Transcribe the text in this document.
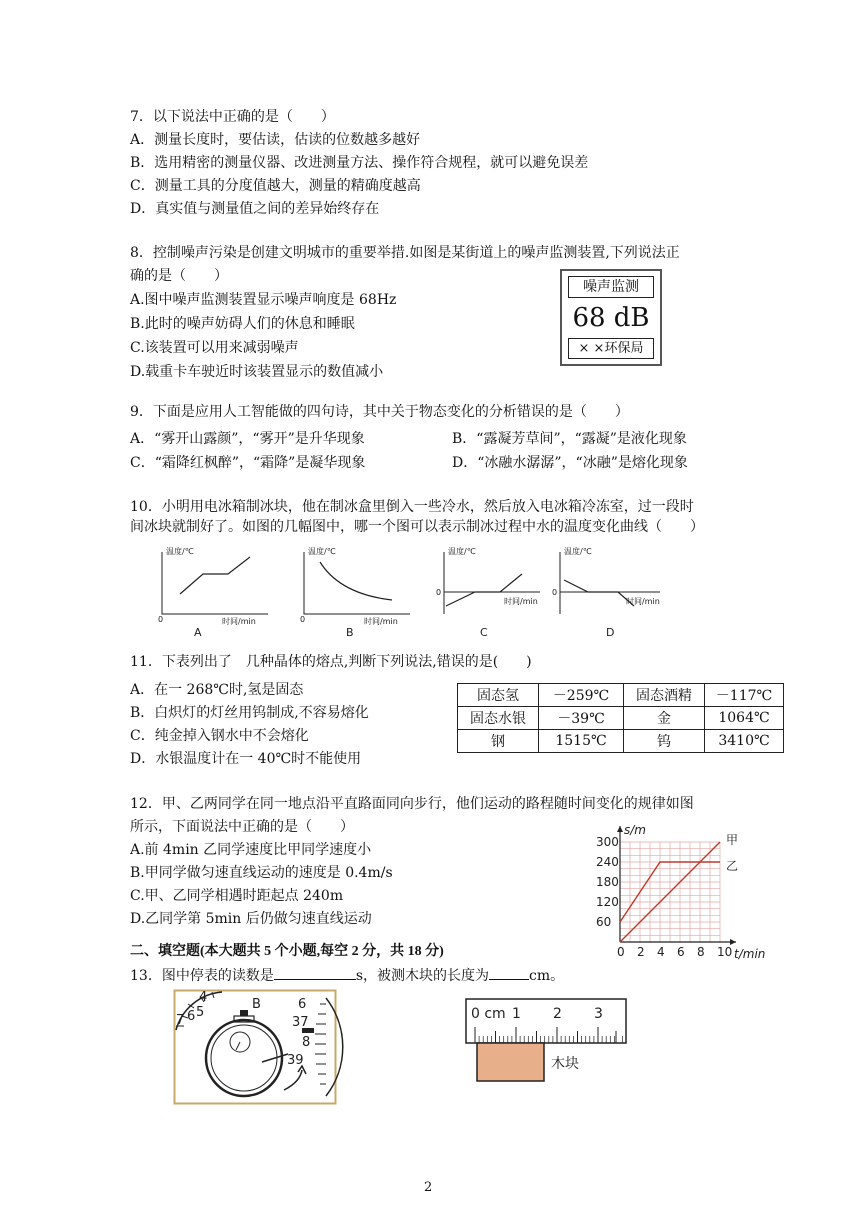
7．以下说法中正确的是（　　）
A．测量长度时，要估读，估读的位数越多越好
B．选用精密的测量仪器、改进测量方法、操作符合规程，就可以避免误差
C．测量工具的分度值越大，测量的精确度越高
D．真实值与测量值之间的差异始终存在
8．控制噪声污染是创建文明城市的重要举措.如图是某街道上的噪声监测装置,下列说法正
确的是（　　）
A.图中噪声监测装置显示噪声响度是 68Hz
B.此时的噪声妨碍人们的休息和睡眠
C.该装置可以用来减弱噪声
D.载重卡车驶近时该装置显示的数值减小
噪声监测
68 dB
× ×环保局
9．下面是应用人工智能做的四句诗，其中关于物态变化的分析错误的是（　　）
A．“雾开山露颜”，“雾开”是升华现象	B．“露凝芳草间”，“露凝”是液化现象
C．“霜降红枫醉”，“霜降”是凝华现象	D．“冰融水潺潺”，“冰融”是熔化现象
10．小明用电冰箱制冰块，他在制冰盒里倒入一些冷水，然后放入电冰箱冷冻室，过一段时
间冰块就制好了。如图的几幅图中，哪一个图可以表示制冰过程中水的温度变化曲线（　　）
温度/℃
时间/min
0
温度/℃
时间/min
0
温度/℃
时间/min
0
温度/℃
时间/min
0
A	B	C	D
11．下表列出了　几种晶体的熔点,判断下列说法,错误的是(　　)
A．在一 268℃时,氢是固态
B．白炽灯的灯丝用钨制成,不容易熔化
C．纯金掉入钢水中不会熔化
D．水银温度计在一 40℃时不能使用
固态氢	－259℃	固态酒精	－117℃
固态水银	－39℃	金	1064℃
钢	1515℃	钨	3410℃
12．甲、乙两同学在同一地点沿平直路面同向步行，他们运动的路程随时间变化的规律如图
所示，下面说法中正确的是（　　）
A.前 4min 乙同学速度比甲同学速度小
B.甲同学做匀速直线运动的速度是 0.4m/s
C.甲、乙同学相遇时距起点 240m
D.乙同学第 5min 后仍做匀速直线运动
0 2 4 6 8 10
60
120
180
240
300
t/min
s/m
甲
乙
二、填空题(本大题共 5 个小题,每空 2 分，共 18 分)
13．图中停表的读数是	s，被测木块的长度为	cm。
4
5
6
7
B	6
37
8
39
0 cm 1 2 3
木块
2
